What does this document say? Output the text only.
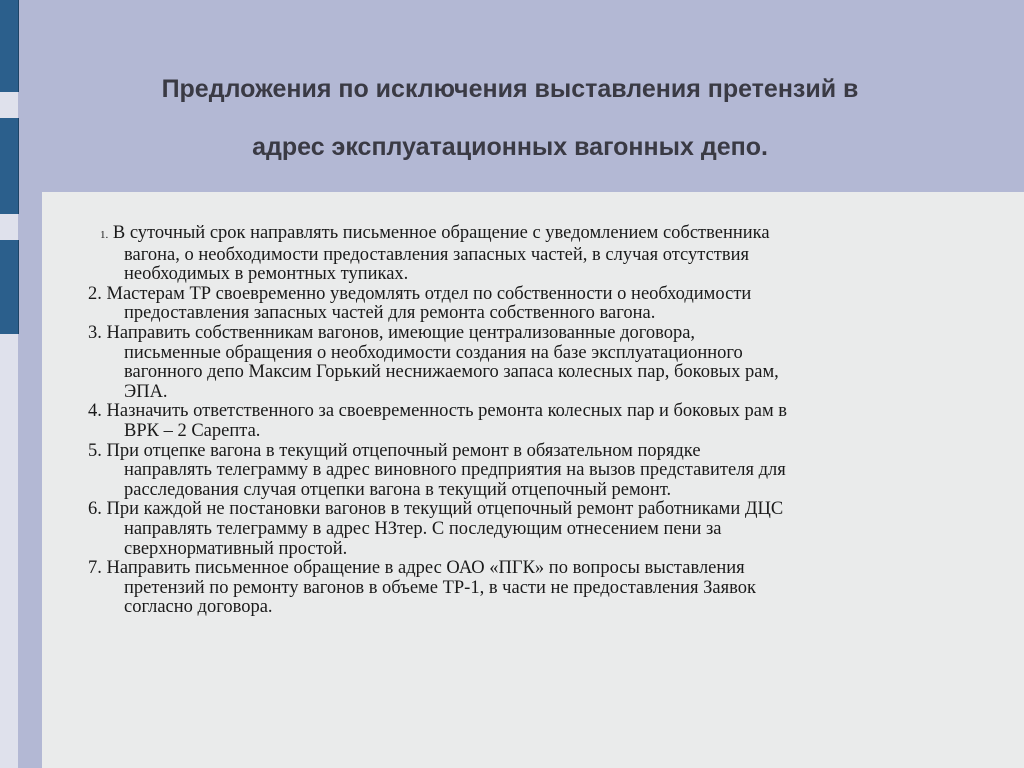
Предложения по исключения выставления претензий в
адрес эксплуатационных вагонных депо.
1. В суточный срок направлять письменное обращение с уведомлением собственника
вагона, о необходимости предоставления запасных частей, в случая отсутствия
необходимых в ремонтных тупиках.
2. Мастерам ТР своевременно уведомлять отдел по собственности о необходимости
предоставления запасных частей для ремонта собственного вагона.
3. Направить собственникам вагонов, имеющие централизованные договора,
письменные обращения о необходимости создания на базе эксплуатационного
вагонного депо Максим Горький неснижаемого запаса колесных пар, боковых рам,
ЭПА.
4. Назначить ответственного за своевременность ремонта колесных пар и боковых рам в
ВРК – 2 Сарепта.
5. При отцепке вагона в текущий отцепочный ремонт в обязательном порядке
направлять телеграмму в адрес виновного предприятия на вызов представителя для
расследования случая отцепки вагона в текущий отцепочный ремонт.
6. При каждой не постановки вагонов в текущий отцепочный ремонт работниками ДЦС
направлять телеграмму в адрес НЗтер. С последующим отнесением пени за
сверхнормативный простой.
7. Направить письменное обращение в адрес ОАО «ПГК» по вопросы выставления
претензий по ремонту вагонов в объеме ТР-1, в части не предоставления Заявок
согласно договора.
